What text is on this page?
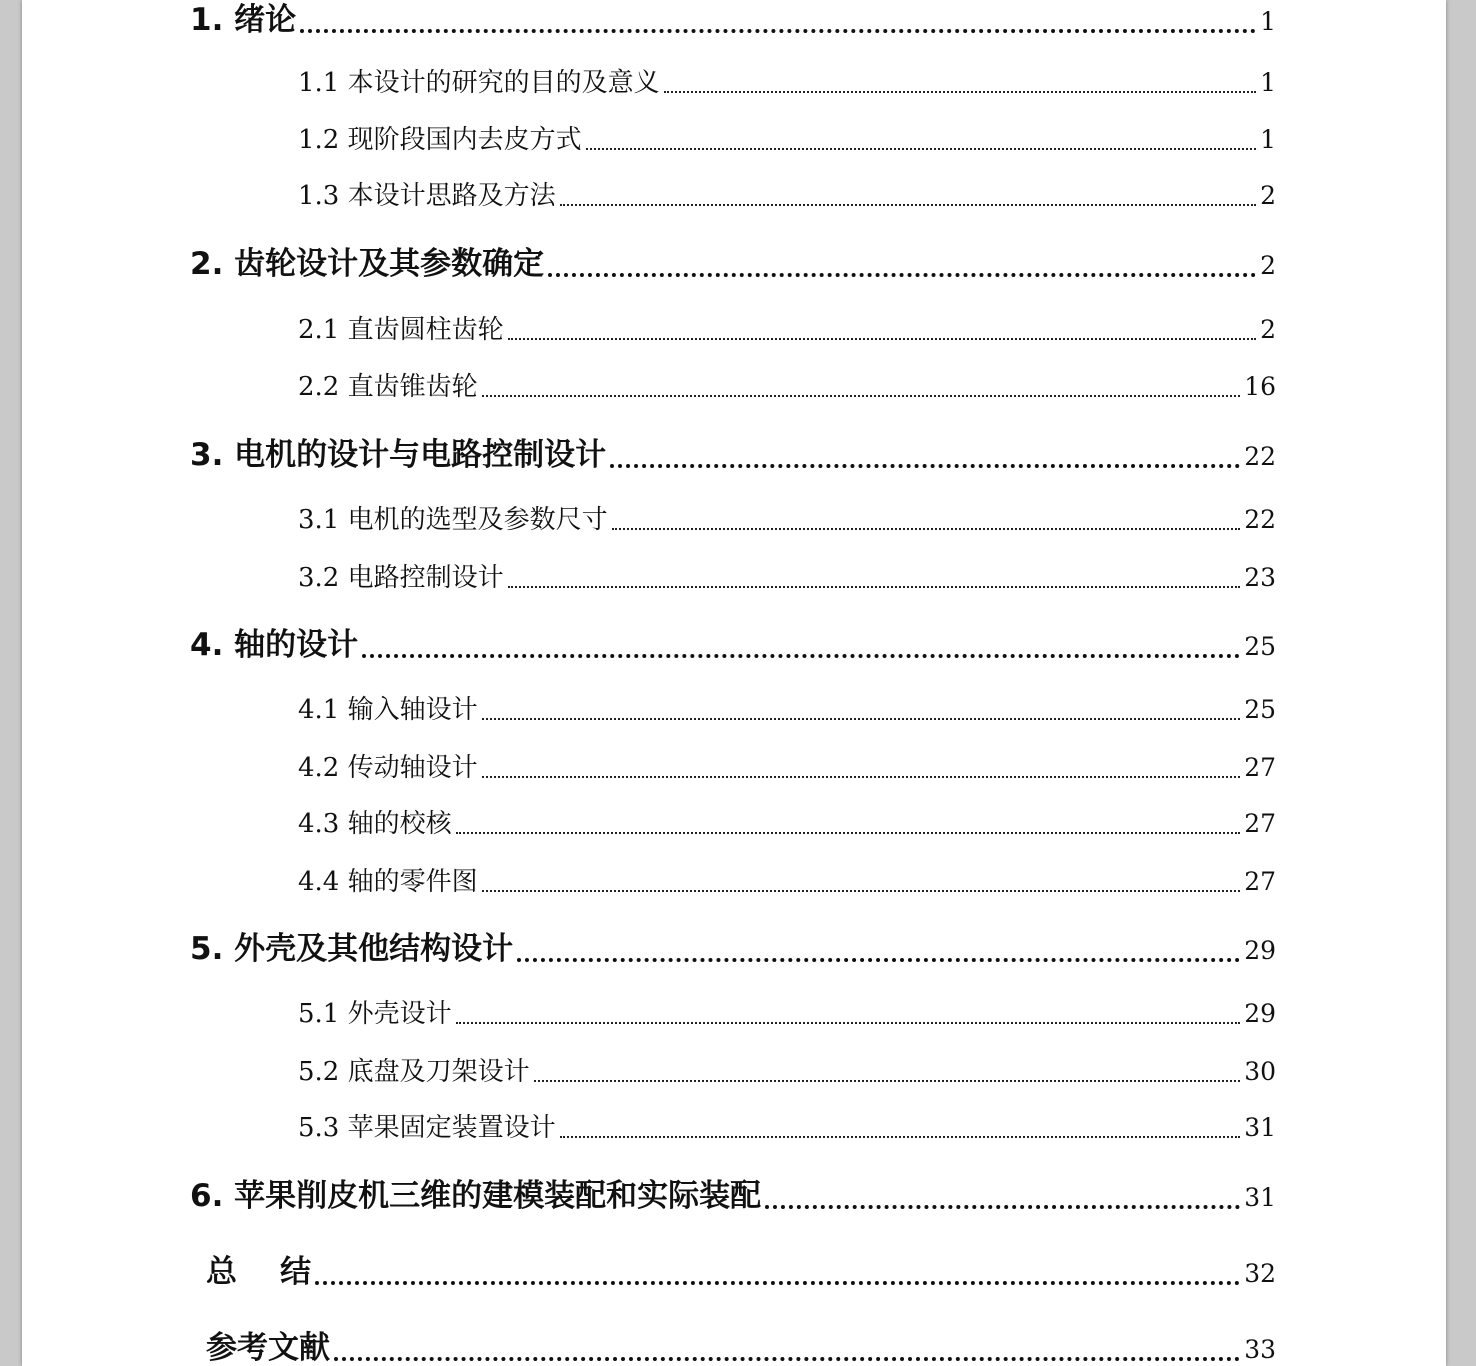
1. 绪论	1
1.1 本设计的研究的目的及意义	1
1.2 现阶段国内去皮方式	1
1.3 本设计思路及方法	2
2. 齿轮设计及其参数确定	2
2.1 直齿圆柱齿轮	2
2.2 直齿锥齿轮	16
3. 电机的设计与电路控制设计	22
3.1 电机的选型及参数尺寸	22
3.2 电路控制设计	23
4. 轴的设计	25
4.1 输入轴设计	25
4.2 传动轴设计	27
4.3 轴的校核	27
4.4 轴的零件图	27
5. 外壳及其他结构设计	29
5.1 外壳设计	29
5.2 底盘及刀架设计	30
5.3 苹果固定装置设计	31
6. 苹果削皮机三维的建模装配和实际装配	31
总    结	32
参考文献	33
